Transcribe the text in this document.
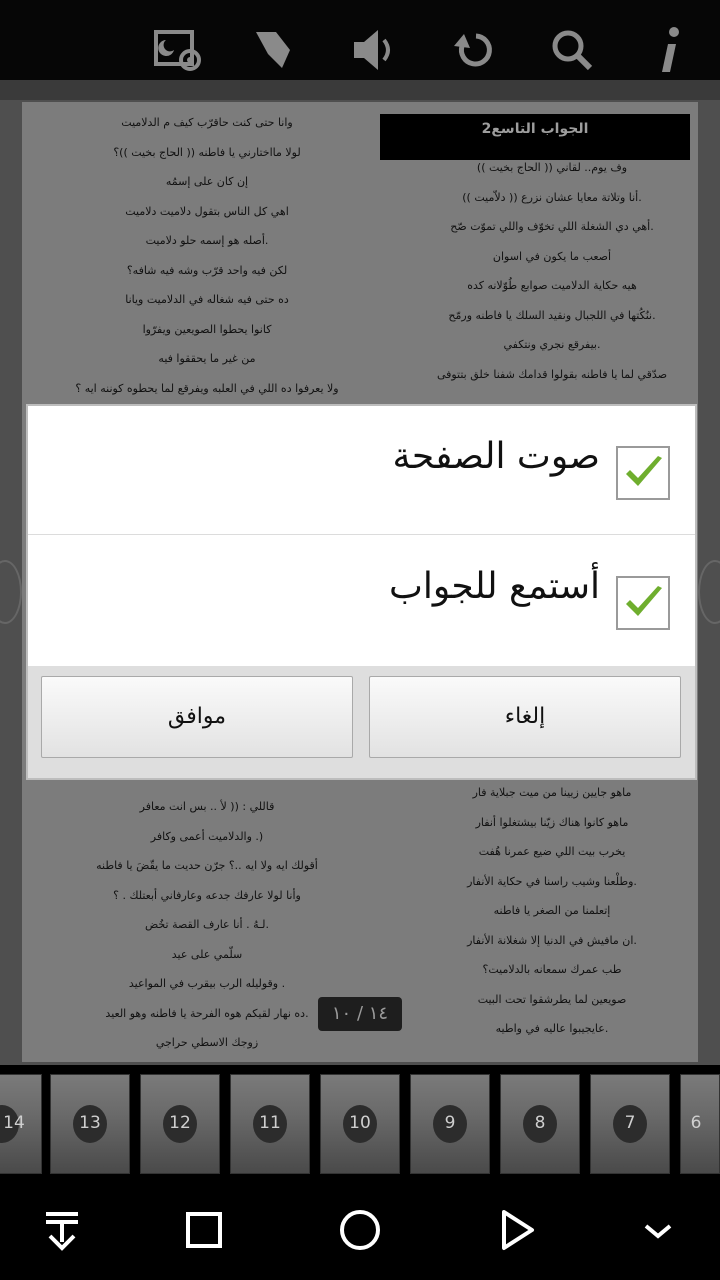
وانا حتى كنت حاقرّب كيف م الدلاميت
لولا مااختارني يا فاطنه (( الحاج بخيت ))؟
إن كان على إسمُه
اهي كل الناس بتقول دلاميت دلاميت
أصله هو إسمه حلو دلاميت.
لكن فيه واحد قرّب وشه فيه شافه؟
ده حتى فيه شغاله في الدلاميت ويانا
كانوا يحطوا الصويعين ويفرّوا
من غير ما يحققوا فيه
ولا يعرفوا ده اللي في العلبه ويفرقع لما يحطوه كوننه ايه ؟
الجواب التاسع2
وف يوم.. لقاني (( الحاج بخيت ))
أنا وتلاتة معايا عشان نزرع (( دلاّميت )).
أهي دي الشغلة اللي تخوّف واللي تموّت صّح.
أصعب ما يكون في اسوان
هيه حكاية الدلاميت صوابع طُوّلانه كده
ننُكُتها في اللجبال ونقيد السلك يا فاطنه ورمّح.
بيفرقع نجري ونتكفي.
صدّقي لما يا فاطنه بقولوا قدامك شفنا خلق بتتوفى
قاللي : (( لأ .. بس انت معافر
والدلاميت أعمى وكافر .)
أقولك ايه ولا ايه ..؟ جرّن حديت ما يقّضَ يا فاطنه
وأنا لولا عارفك جدعه وعارفاني أبعتلك . ؟
لـهُ . أنا عارف القصة تخُض.
سلّمي على عيد
وقوليله الرب بيقرب في المواعيد .
ده نهار لقيكم هوه الفرحة يا فاطنه وهو العيد.
زوجك الاسطي حراجي
ماهو جايين زيينا من ميت جبلاية فار
ماهو كانوا هناك زيّنا بيشتغلوا أنفار
يخرب بيت اللي ضيع عمرنا هُفت
وطلْعنا وشيب راسنا في حكاية الأنفار.
إتعلمنا من الصغر يا فاطنه
ان مافيش في الدنيا إلا شغلانة الأنفار.
طب عمرك سمعانه بالدلاميت؟
صويعين لما يطرشقوا تحت البيت
عايجيبوا عاليه في واطيه.
١٤ / ١٠
صوت الصفحة
أستمع للجواب
موافق	إلغاء
14	13	12	11	10	9	8	7	6
